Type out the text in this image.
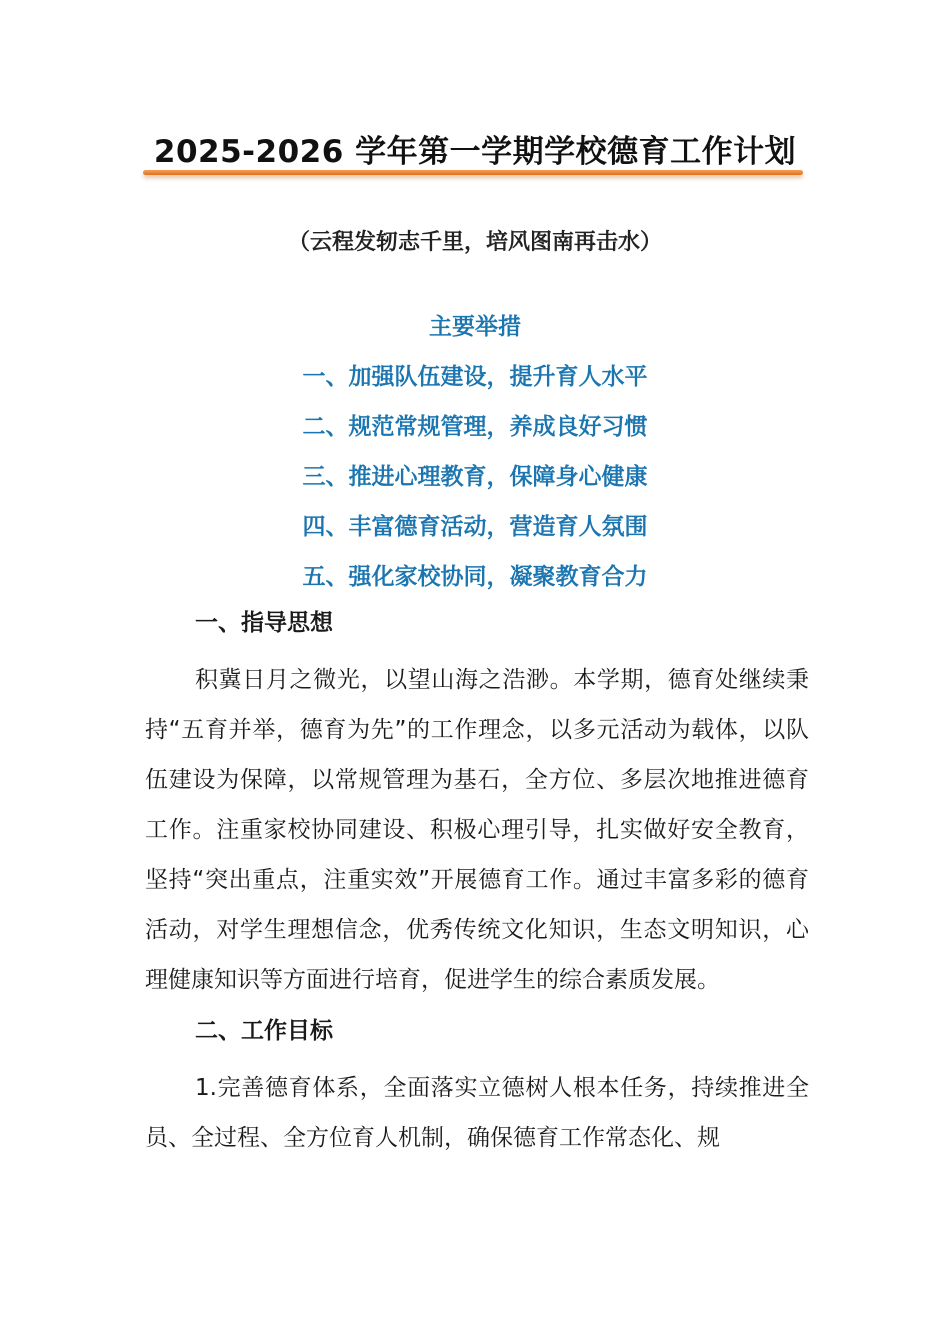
2025-2026 学年第一学期学校德育工作计划
（云程发轫志千里，培风图南再击水）
主要举措
一、加强队伍建设，提升育人水平
二、规范常规管理，养成良好习惯
三、推进心理教育，保障身心健康
四、丰富德育活动，营造育人氛围
五、强化家校协同，凝聚教育合力
一、指导思想

积冀日月之微光，以望山海之浩渺。本学期，德育处继续秉持“五育并举，德育为先”的工作理念，以多元活动为载体，以队伍建设为保障，以常规管理为基石，全方位、多层次地推进德育工作。注重家校协同建设、积极心理引导，扎实做好安全教育，坚持“突出重点，注重实效”开展德育工作。通过丰富多彩的德育活动，对学生理想信念，优秀传统文化知识，生态文明知识，心理健康知识等方面进行培育，促进学生的综合素质发展。

二、工作目标

1.完善德育体系，全面落实立德树人根本任务，持续推进全员、全过程、全方位育人机制，确保德育工作常态化、规
